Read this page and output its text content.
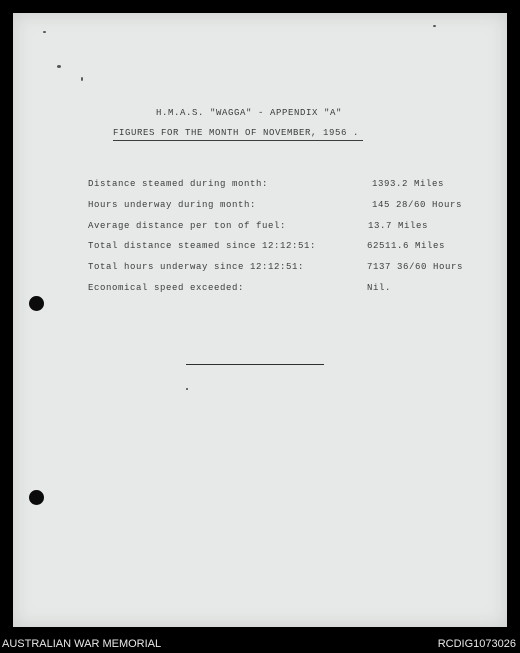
H.M.A.S. "WAGGA" - APPENDIX "A"
FIGURES FOR THE MONTH OF NOVEMBER, 1956 .
Distance steamed during month:	1393.2 Miles
Hours underway during month:	145 28/60 Hours
Average distance per ton of fuel:	13.7 Miles
Total distance steamed since 12:12:51:	62511.6 Miles
Total hours underway since 12:12:51:	7137 36/60 Hours
Economical speed exceeded:	Nil.
AUSTRALIAN WAR MEMORIAL	RCDIG1073026
